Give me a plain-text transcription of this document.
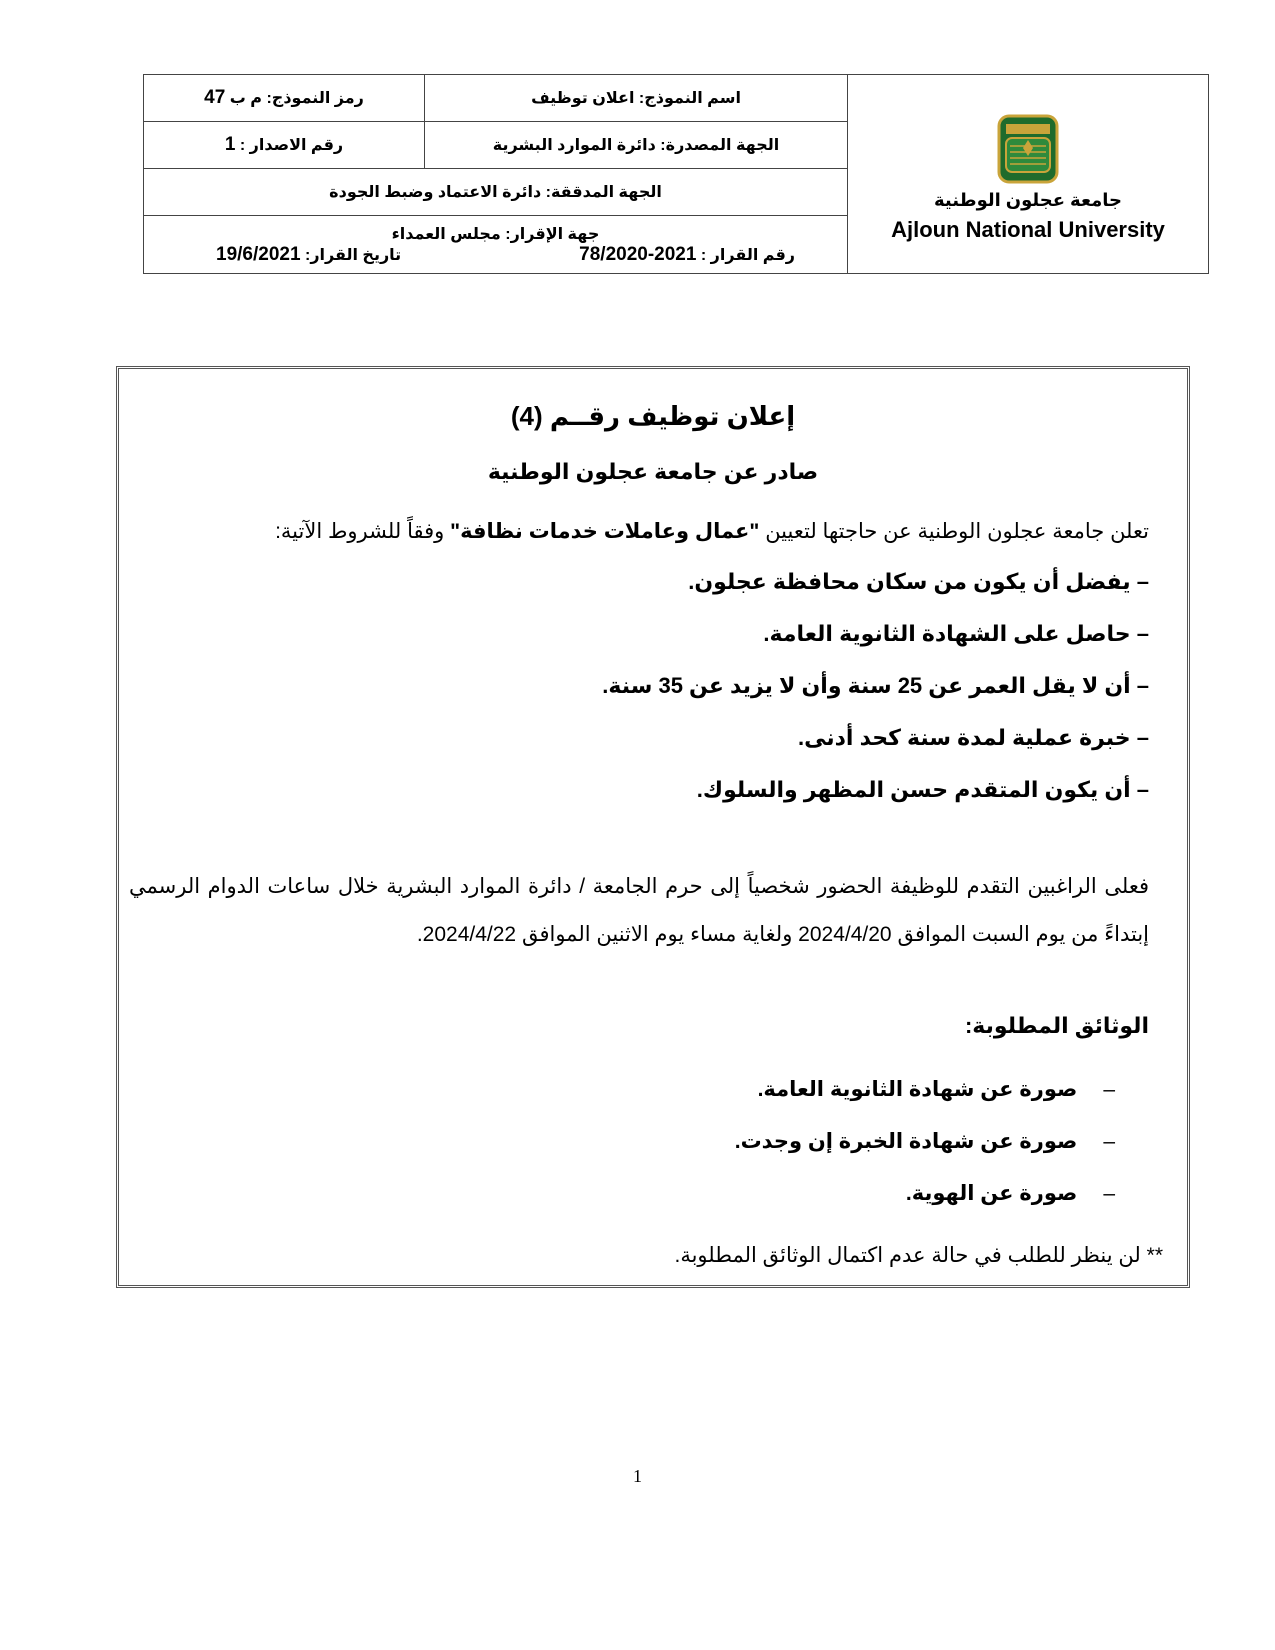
رمز النموذج: م ب 47	اسم النموذج: اعلان توظيف	جامعة عجلون الوطنية
Ajloun National University

رقم الاصدار : 1	الجهة المصدرة: دائرة الموارد البشرية	
الجهة المدققة: دائرة الاعتماد وضبط الجودة		

جهة الإقرار: مجلس العمداء
رقم القرار : 78/2020-2021
تاريخ القرار: 19/6/2021		
إعلان توظيف رقــم (4)
صادر عن جامعة عجلون الوطنية
تعلن جامعة عجلون الوطنية عن حاجتها لتعيين "عمال وعاملات خدمات نظافة" وفقاً للشروط الآتية:
– يفضل أن يكون من سكان محافظة عجلون.
– حاصل على الشهادة الثانوية العامة.
– أن لا يقل العمر عن 25 سنة وأن لا يزيد عن 35 سنة.
– خبرة عملية لمدة سنة كحد أدنى.
– أن يكون المتقدم حسن المظهر والسلوك.
فعلى الراغبين التقدم للوظيفة الحضور شخصياً إلى حرم الجامعة / دائرة الموارد البشرية خلال ساعات الدوام الرسمي إبتداءً من يوم السبت الموافق 2024/4/20 ولغاية مساء يوم الاثنين الموافق 2024/4/22.
الوثائق المطلوبة:
–صورة عن شهادة الثانوية العامة.
–صورة عن شهادة الخبرة إن وجدت.
–صورة عن الهوية.
** لن ينظر للطلب في حالة عدم اكتمال الوثائق المطلوبة.
1
